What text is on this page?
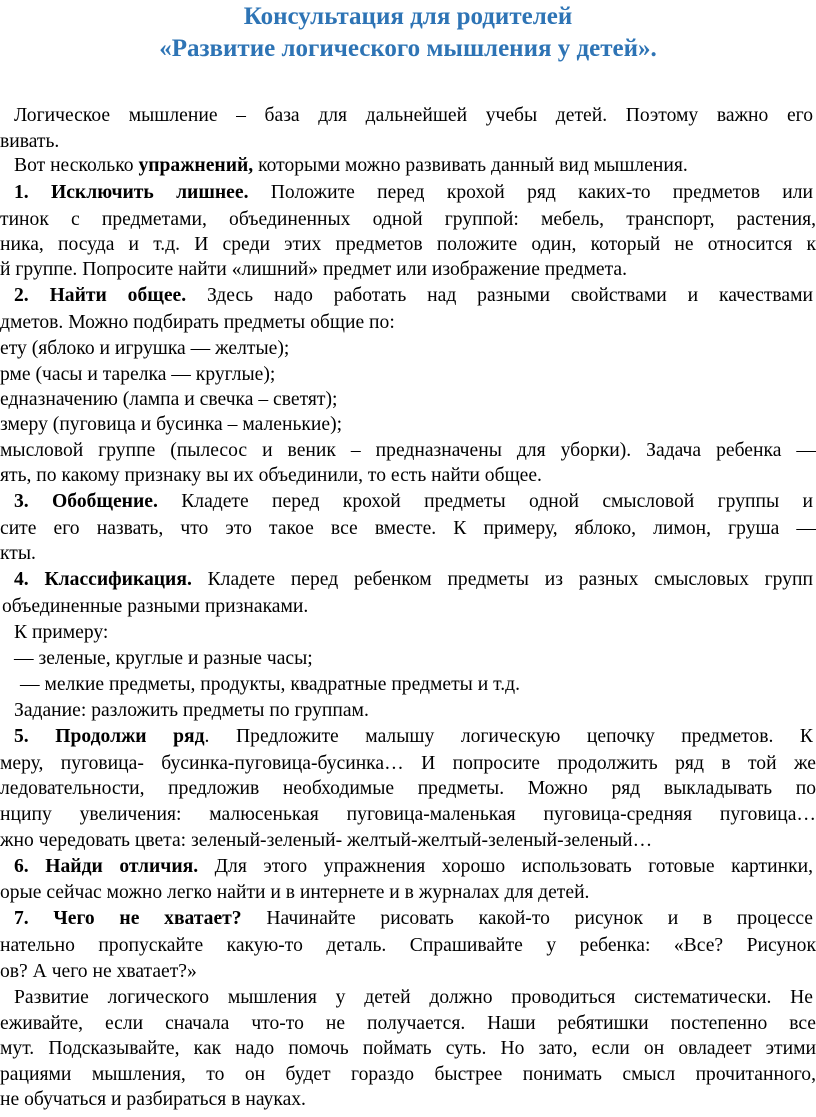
Консультация для родителей
«Развитие логического мышления у детей».
Логическое мышление – база для дальнейшей учебы детей. Поэтому важно его
вивать.
Вот несколько упражнений, которыми можно развивать данный вид мышления.
1. Исключить лишнее. Положите перед крохой ряд каких-то предметов или
тинок с предметами, объединенных одной группой: мебель, транспорт, растения,
ника, посуда и т.д. И среди этих предметов положите один, который не относится к
й группе. Попросите найти «лишний» предмет или изображение предмета.
2. Найти общее. Здесь надо работать над разными свойствами и качествами
дметов. Можно подбирать предметы общие по:
ету (яблоко и игрушка — желтые);
рме (часы и тарелка — круглые);
едназначению (лампа и свечка – светят);
змеру (пуговица и бусинка – маленькие);
мысловой группе (пылесос и веник – предназначены для уборки). Задача ребенка —
ять, по какому признаку вы их объединили, то есть найти общее.
3. Обобщение. Кладете перед крохой предметы одной смысловой группы и
сите его назвать, что это такое все вместе. К примеру, яблоко, лимон, груша —
кты.
4. Классификация. Кладете перед ребенком предметы из разных смысловых групп
объединенные разными признаками.
К примеру:
— зеленые, круглые и разные часы;
— мелкие предметы, продукты, квадратные предметы и т.д.
Задание: разложить предметы по группам.
5. Продолжи ряд. Предложите малышу логическую цепочку предметов. К
меру, пуговица- бусинка-пуговица-бусинка… И попросите продолжить ряд в той же
ледовательности, предложив необходимые предметы. Можно ряд выкладывать по
нципу увеличения: малюсенькая пуговица-маленькая пуговица-средняя пуговица…
жно чередовать цвета: зеленый-зеленый- желтый-желтый-зеленый-зеленый…
6. Найди отличия. Для этого упражнения хорошо использовать готовые картинки,
орые сейчас можно легко найти и в интернете и в журналах для детей.
7. Чего не хватает? Начинайте рисовать какой-то рисунок и в процессе
нательно пропускайте какую-то деталь. Спрашивайте у ребенка: «Все? Рисунок
ов? А чего не хватает?»
Развитие логического мышления у детей должно проводиться систематически. Не
еживайте, если сначала что-то не получается. Наши ребятишки постепенно все
мут. Подсказывайте, как надо помочь поймать суть. Но зато, если он овладеет этими
рациями мышления, то он будет гораздо быстрее понимать смысл прочитанного,
не обучаться и разбираться в науках.
